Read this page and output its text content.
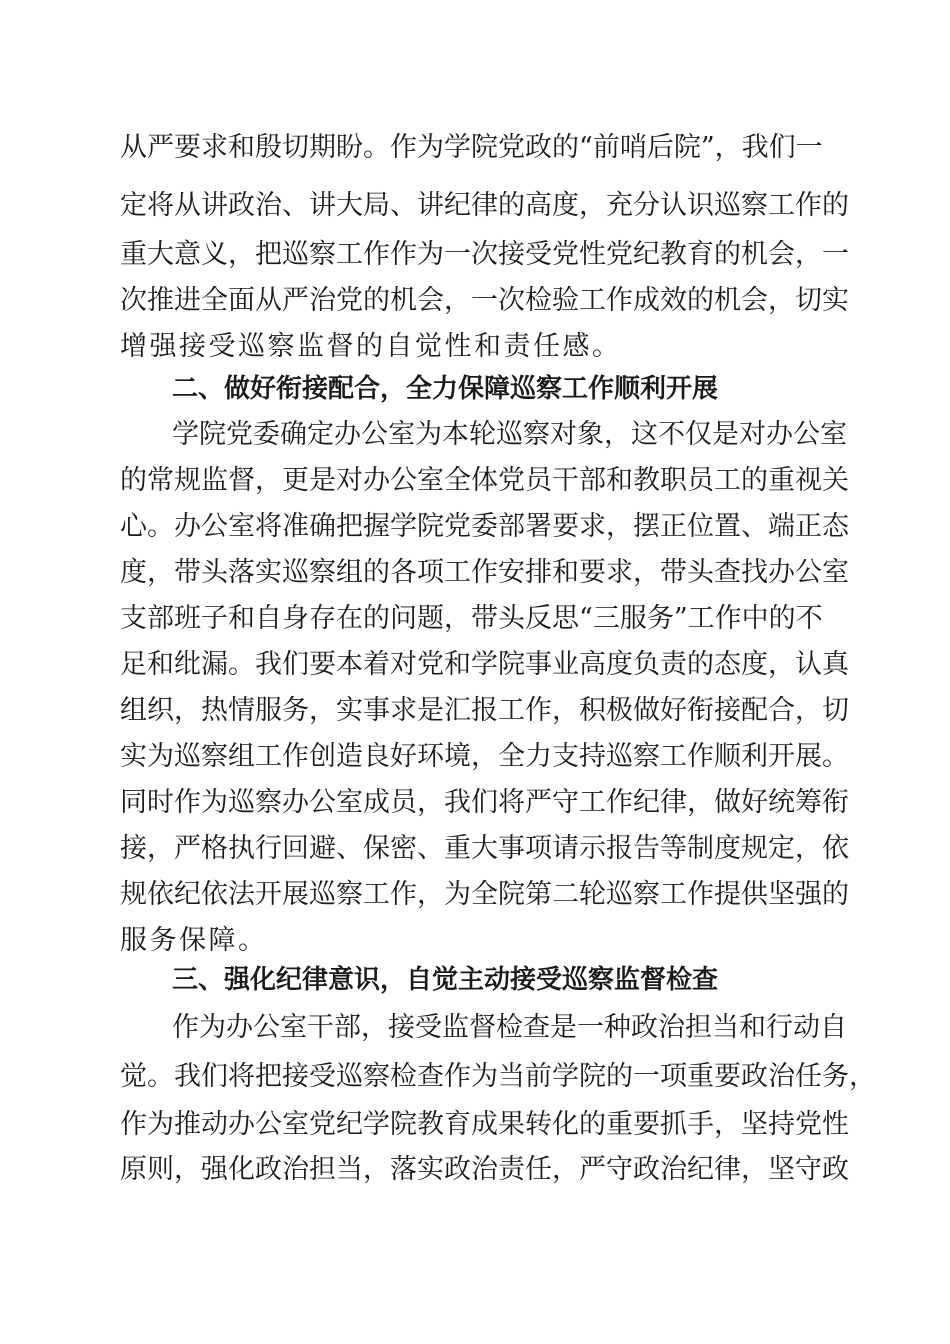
从 严 要 求 和 殷 切 期 盼 。 作 为 学 院 党 政 的 “ 前 哨 后 院 ” ， 我 们 一
定 将 从 讲 政 治 、 讲 大 局 、 讲 纪 律 的 高 度 ， 充 分 认 识 巡 察 工 作 的
重 大 意 义 ， 把 巡 察 工 作 作 为 一 次 接 受 党 性 党 纪 教 育 的 机 会 ， 一
次 推 进 全 面 从 严 治 党 的 机 会 ， 一 次 检 验 工 作 成 效 的 机 会 ， 切 实
增强接受巡察监督的自觉性和责任感。
二、做好衔接配合，全力保障巡察工作顺利开展
学 院 党 委 确 定 办 公 室 为 本 轮 巡 察 对 象 ， 这 不 仅 是 对 办 公 室
的 常 规 监 督 ， 更 是 对 办 公 室 全 体 党 员 干 部 和 教 职 员 工 的 重 视 关
心 。 办 公 室 将 准 确 把 握 学 院 党 委 部 署 要 求 ， 摆 正 位 置 、 端 正 态
度 ， 带 头 落 实 巡 察 组 的 各 项 工 作 安 排 和 要 求 ， 带 头 查 找 办 公 室
支 部 班 子 和 自 身 存 在 的 问 题 ， 带 头 反 思 “ 三 服 务 ” 工 作 中 的 不
足 和 纰 漏 。 我 们 要 本 着 对 党 和 学 院 事 业 高 度 负 责 的 态 度 ， 认 真
组 织 ， 热 情 服 务 ， 实 事 求 是 汇 报 工 作 ， 积 极 做 好 衔 接 配 合 ， 切
实 为 巡 察 组 工 作 创 造 良 好 环 境 ， 全 力 支 持 巡 察 工 作 顺 利 开 展 。
同 时 作 为 巡 察 办 公 室 成 员 ， 我 们 将 严 守 工 作 纪 律 ， 做 好 统 筹 衔
接 ， 严 格 执 行 回 避 、 保 密 、 重 大 事 项 请 示 报 告 等 制 度 规 定 ， 依
规 依 纪 依 法 开 展 巡 察 工 作 ， 为 全 院 第 二 轮 巡 察 工 作 提 供 坚 强 的
服务保障。
三、强化纪律意识，自觉主动接受巡察监督检查
作 为 办 公 室 干 部 ， 接 受 监 督 检 查 是 一 种 政 治 担 当 和 行 动 自
觉 。 我 们 将 把 接 受 巡 察 检 查 作 为 当 前 学 院 的 一 项 重 要 政 治 任 务 ，
作 为 推 动 办 公 室 党 纪 学 院 教 育 成 果 转 化 的 重 要 抓 手 ， 坚 持 党 性
原 则 ， 强 化 政 治 担 当 ， 落 实 政 治 责 任 ， 严 守 政 治 纪 律 ， 坚 守 政
